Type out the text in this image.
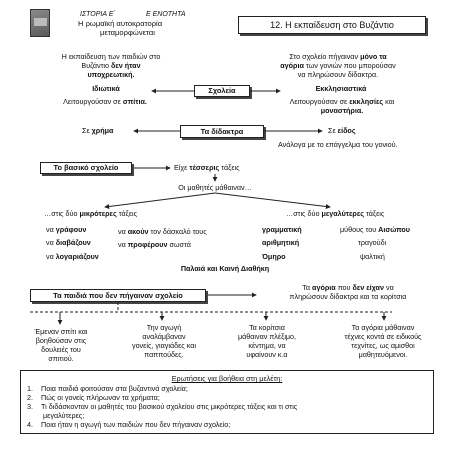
ΙΣΤΟΡΙΑ Ε΄	Ε ΕΝΟΤΗΤΑ
Η ρωμαϊκή αυτοκρατορία
μεταμορφώνεται
12. Η εκπαίδευση στο Βυζάντιο
Η εκπαίδευση των παιδιών στο
Βυζάντιο δεν ήταν
υποχρεωτική.
Στο σχολείο πήγαιναν μόνο τα
αγόρια των γονιών που μπορούσαν
να πληρώσουν δίδακτρα.
Σχολεία
Ιδιωτικά
Λειτουργούσαν σε σπίτια.
Εκκλησιαστικά
Λειτουργούσαν σε εκκλησίες και
μοναστήρια.
Τα δίδακτρα
Σε χρήμα	Σε είδος
Ανάλογα με το επάγγελμα του γονιού.
Το βασικό σχολείο	Είχε τέσσερις τάξεις
Οι μαθητές μάθαιναν…
…στις δύο μικρότερες τάξεις	…στις δύο μεγαλύτερες τάξεις
να γράφουν
να διαβάζουν
να λογαριάζουν
να ακούν τον δάσκαλό τους
να προφέρουν σωστά
γραμματική
αριθμητική
Όμηρο
μύθους του Αισώπου
τραγούδι
ψαλτική
Παλαιά και Καινή Διαθήκη
Τα παιδιά που δεν πήγαιναν σχολείο
Τα αγόρια που δεν είχαν να
πληρώσουν δίδακτρα και τα κορίτσια
Έμεναν σπίτι και
βοηθούσαν στις
δουλειές του
σπιτιού.
Την αγωγή
αναλάμβαναν
γονείς, γιαγιάδες και
παππούδες.
Τα κορίτσια
μάθαιναν πλέξιμο,
κέντημα, να
υφαίνουν κ.α
Τα αγόρια μάθαιναν
τέχνες κοντά σε ειδικούς
τεχνίτες, ως αμισθοι
μαθητευόμενοι.
Ερωτήσεις για βοήθεια στη μελέτη:
1. Ποια παιδιά φοιτούσαν στα βυζαντινά σχολεία;
2. Πώς οι γονείς πλήρωναν τα χρήματα;
3. Τι διδάσκονταν οι μαθητές του βασικού σχολείου στις μικρότερες τάξεις και τι στις
μεγαλύτερες;
4. Ποια ήταν η αγωγή των παιδιών που δεν πήγαιναν σχολείο;
